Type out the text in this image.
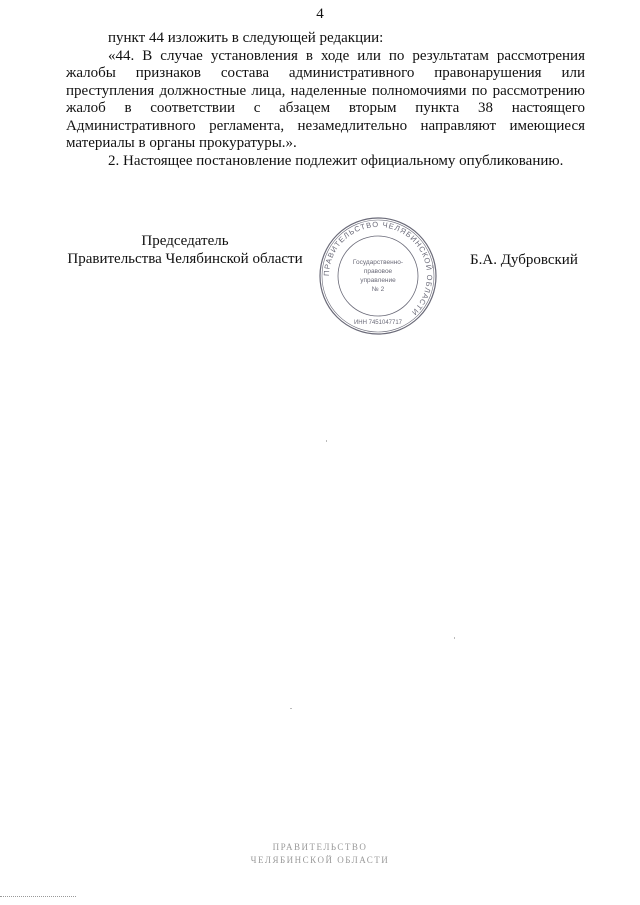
4

пункт 44 изложить в следующей редакции:

«44. В случае установления в ходе или по результатам рассмотрения жалобы признаков состава административного правонарушения или преступления должностные лица, наделенные полномочиями по рассмотрению жалоб в соответствии с абзацем вторым пункта 38 настоящего Административного регламента, незамедлительно направляют имеющиеся материалы в органы прокуратуры.».

2. Настоящее постановление подлежит официальному опубликованию.

Председатель
Правительства Челябинской области
ПРАВИТЕЛЬСТВО ЧЕЛЯБИНСКОЙ ОБЛАСТИ
Государственно-
правовое
управление
№ 2
ИНН 7451047717
Б.А. Дубровский
ПРАВИТЕЛЬСТВО
ЧЕЛЯБИНСКОЙ ОБЛАСТИ
